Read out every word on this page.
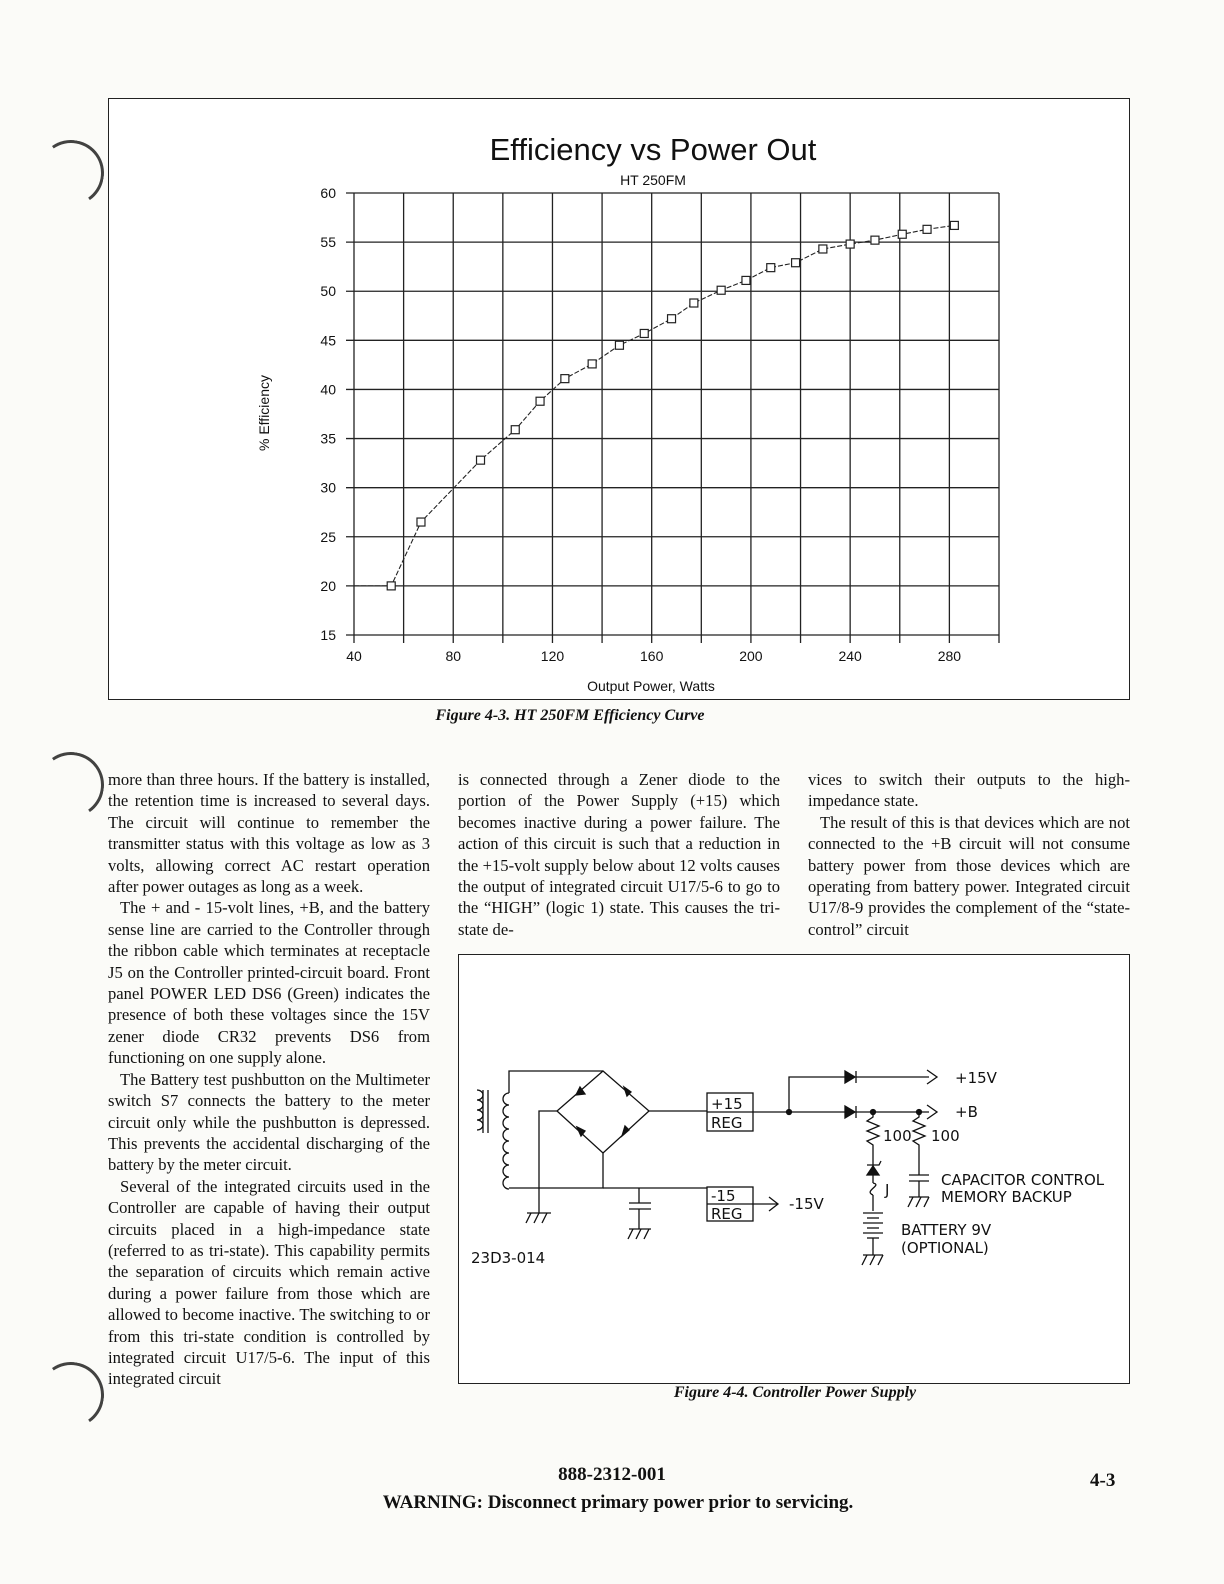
Efficiency vs Power Out
HT 250FM
% Efficiency
Output Power, Watts
15
20
25
30
35
40
45
50
55
60
40	80	120	160	200	240	280
Figure 4-3. HT 250FM Efficiency Curve

more than three hours. If the battery is installed, the retention time is increased to several days. The circuit will continue to remember the transmitter status with this voltage as low as 3 volts, allowing correct AC restart operation after power outages as long as a week.

The + and - 15-volt lines, +B, and the battery sense line are carried to the Controller through the ribbon cable which terminates at receptacle J5 on the Controller printed-circuit board. Front panel POWER LED DS6 (Green) indicates the presence of both these voltages since the 15V zener diode CR32 prevents DS6 from functioning on one supply alone.

The Battery test pushbutton on the Multimeter switch S7 connects the battery to the meter circuit only while the pushbutton is depressed. This prevents the accidental discharging of the battery by the meter circuit.

Several of the integrated circuits used in the Controller are capable of having their output circuits placed in a high-impedance state (referred to as tri-state). This capability permits the separation of circuits which remain active during a power failure from those which are allowed to become inactive. The switching to or from this tri-state condition is controlled by integrated circuit U17/5-6. The input of this integrated circuit

is connected through a Zener diode to the portion of the Power Supply (+15) which becomes inactive during a power failure. The action of this circuit is such that a reduction in the +15-volt supply below about 12 volts causes the output of integrated circuit U17/5-6 to go to the “HIGH” (logic 1) state. This causes the tri-state de-

vices to switch their outputs to the high-impedance state.

The result of this is that devices which are not connected to the +B circuit will not consume battery power from those devices which are operating from battery power. Integrated circuit U17/8-9 provides the complement of the “state-control” circuit

+15
REG
-15
REG
-15V
+15V
+B
100 100
J
BATTERY 9V
(OPTIONAL)
CAPACITOR CONTROL
MEMORY BACKUP
23D3-014
Figure 4-4. Controller Power Supply
888-2312-001	4-3
WARNING: Disconnect primary power prior to servicing.
